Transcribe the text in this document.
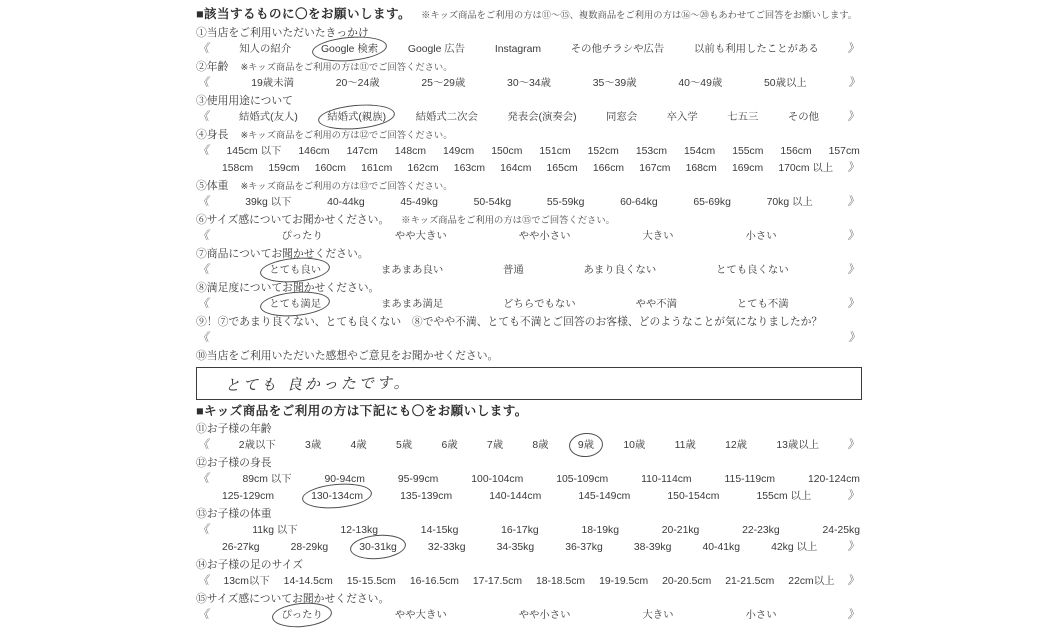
■該当するものに〇をお願いします。 ※キッズ商品をご利用の方は⑪〜⑮、複数商品をご利用の方は⑯〜⑳もあわせてご回答をお願いします。
①当店をご利用いただいたきっかけ
《	知人の紹介	Google 検索	Google 広告	Instagram	その他チラシや広告	以前も利用したことがある	》
②年齢 ※キッズ商品をご利用の方は⑪でご回答ください。
《	19歳未満	20〜24歳	25〜29歳	30〜34歳	35〜39歳	40〜49歳	50歳以上	》
③使用用途について
《	結婚式(友人)	結婚式(親族)	結婚式二次会	発表会(演奏会)	同窓会	卒入学	七五三	その他 》
④身長 ※キッズ商品をご利用の方は⑫でご回答ください。
《 145cm 以下 146cm 147cm 148cm 149cm 150cm 151cm 152cm 153cm 154cm 155cm 156cm 157cm
158cm 159cm 160cm 161cm 162cm 163cm 164cm 165cm 166cm 167cm 168cm 169cm 170cm 以上 》
⑤体重 ※キッズ商品をご利用の方は⑬でご回答ください。
《	39kg 以下	40-44kg	45-49kg	50-54kg	55-59kg	60-64kg	65-69kg	70kg 以上	》
⑥サイズ感についてお聞かせください。 ※キッズ商品をご利用の方は⑮でご回答ください。
《	ぴったり	やや大きい	やや小さい	大きい	小さい	》
⑦商品についてお聞かせください。
《	とても良い	まあまあ良い	普通	あまり良くない	とても良くない	》
⑧満足度についてお聞かせください。
《	とても満足	まあまあ満足	どちらでもない	やや不満	とても不満	》
⑨！⑦であまり良くない、とても良くない　⑧でやや不満、とても不満とご回答のお客様、どのようなことが気になりましたか？
《	》
⑩当店をご利用いただいた感想やご意見をお聞かせください。
とても 良かったです。
■キッズ商品をご利用の方は下記にも〇をお願いします。
⑪お子様の年齢
《	2歳以下	3歳	4歳	5歳	6歳	7歳	8歳	9歳	10歳	11歳	12歳	13歳以上 》
⑫お子様の身長
《	89cm 以下	90-94cm	95-99cm	100-104cm	105-109cm	110-114cm	115-119cm	120-124cm
125-129cm	130-134cm	135-139cm	140-144cm	145-149cm	150-154cm	155cm 以上	》
⑬お子様の体重
《	11kg 以下	12-13kg	14-15kg	16-17kg	18-19kg	20-21kg	22-23kg	24-25kg
26-27kg	28-29kg	30-31kg	32-33kg	34-35kg	36-37kg	38-39kg	40-41kg	42kg 以上	》
⑭お子様の足のサイズ
《 13cm以下 14-14.5cm 15-15.5cm 16-16.5cm 17-17.5cm 18-18.5cm 19-19.5cm 20-20.5cm 21-21.5cm 22cm以上 》
⑮サイズ感についてお聞かせください。
《	ぴったり	やや大きい	やや小さい	大きい	小さい	》
